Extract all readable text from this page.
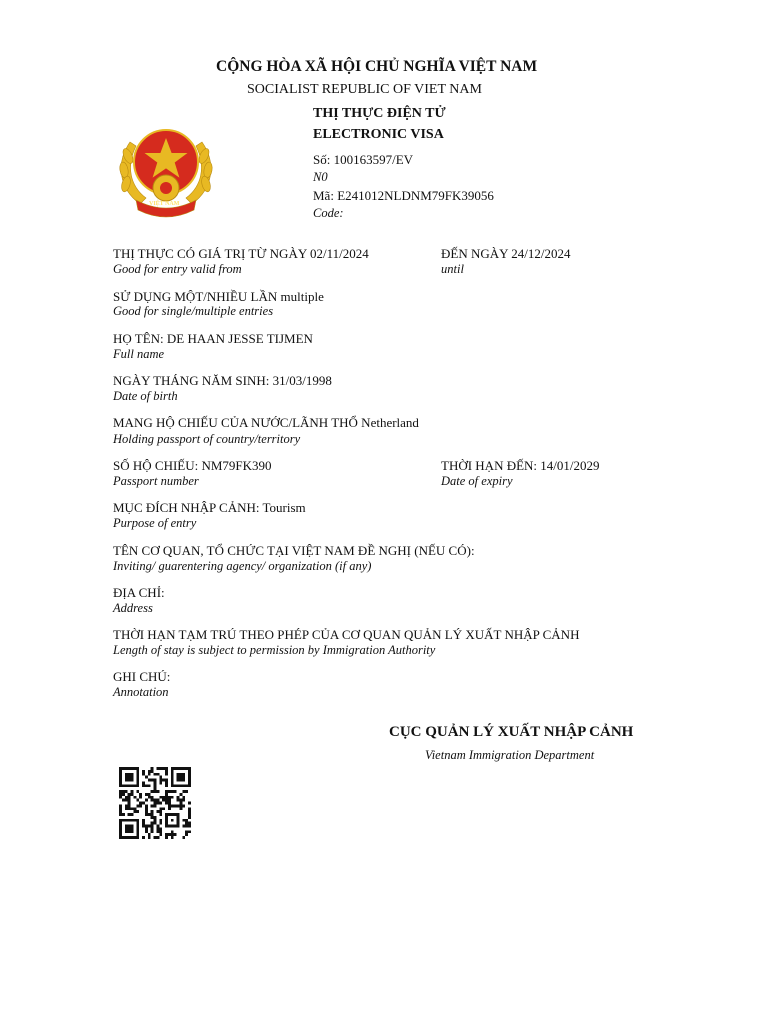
VIỆT NAM
CỘNG HÒA XÃ HỘI CHỦ NGHĨA VIỆT NAM
SOCIALIST REPUBLIC OF VIET NAM
THỊ THỰC ĐIỆN TỬ
ELECTRONIC VISA
Số: 100163597/EV
N0
Mã: E241012NLDNM79FK39056
Code:
THỊ THỰC CÓ GIÁ TRỊ TỪ NGÀY 02/11/2024
Good for entry valid from
ĐẾN NGÀY 24/12/2024
until
SỬ DỤNG MỘT/NHIỀU LẦN multiple
Good for single/multiple entries
HỌ TÊN: DE HAAN JESSE TIJMEN
Full name
NGÀY THÁNG NĂM SINH: 31/03/1998
Date of birth
MANG HỘ CHIẾU CỦA NƯỚC/LÃNH THỔ Netherland
Holding passport of country/territory
SỐ HỘ CHIẾU: NM79FK390
Passport number
THỜI HẠN ĐẾN: 14/01/2029
Date of expiry
MỤC ĐÍCH NHẬP CẢNH: Tourism
Purpose of entry
TÊN CƠ QUAN, TỔ CHỨC TẠI VIỆT NAM ĐỀ NGHỊ (NẾU CÓ):
Inviting/ guarentering agency/ organization (if any)
ĐỊA CHỈ:
Address
THỜI HẠN TẠM TRÚ THEO PHÉP CỦA CƠ QUAN QUẢN LÝ XUẤT NHẬP CẢNH
Length of stay is subject to permission by Immigration Authority
GHI CHÚ:
Annotation
CỤC QUẢN LÝ XUẤT NHẬP CẢNH
Vietnam Immigration Department
